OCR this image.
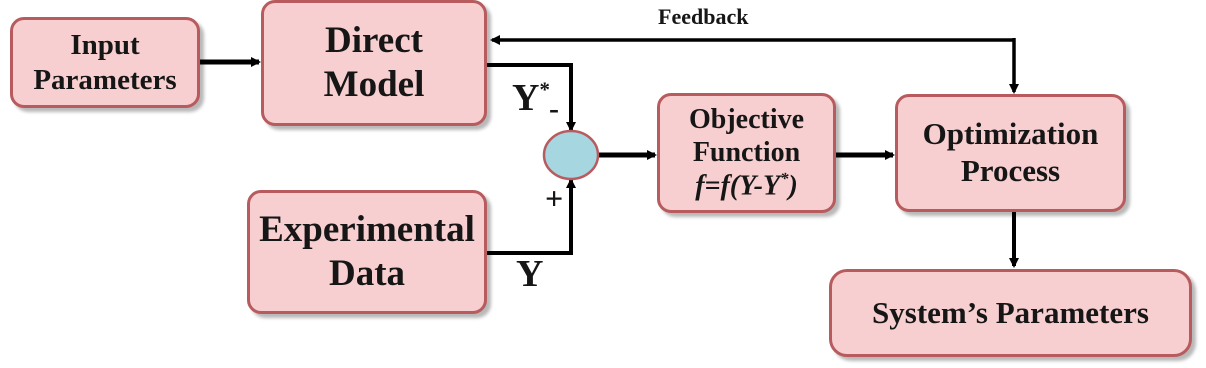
Input
Parameters
Direct
Model
Experimental
Data
Objective
Function
f=f(Y-Y*)
Optimization
Process
System’s Parameters
Feedback
Y*
-
+
Y
